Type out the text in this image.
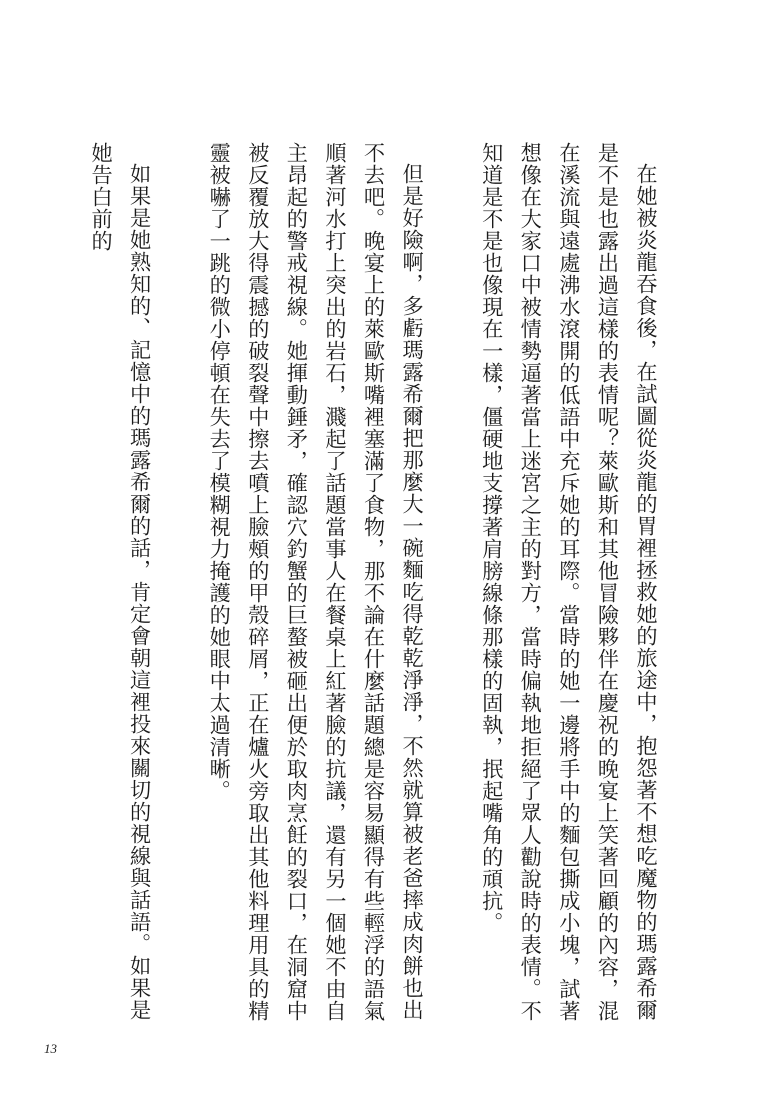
在她被炎龍吞食後，在試圖從炎龍的胃裡拯救她的旅途中，抱怨著不想吃魔物的瑪露希爾是不是也露出過這樣的表情呢？萊歐斯和其他冒險夥伴在慶祝的晚宴上笑著回顧的內容，混在溪流與遠處沸水滾開的低語中充斥她的耳際。當時的她一邊將手中的麵包撕成小塊，試著想像在大家口中被情勢逼著當上迷宮之主的對方，當時偏執地拒絕了眾人勸說時的表情。不知道是不是也像現在一樣，僵硬地支撐著肩膀線條那樣的固執，抿起嘴角的頑抗。

但是好險啊，多虧瑪露希爾把那麼大一碗麵吃得乾乾淨淨，不然就算被老爸摔成肉餅也出不去吧。晚宴上的萊歐斯嘴裡塞滿了食物，那不論在什麼話題總是容易顯得有些輕浮的語氣順著河水打上突出的岩石，濺起了話題當事人在餐桌上紅著臉的抗議，還有另一個她不由自主昂起的警戒視線。她揮動錘矛，確認穴釣蟹的巨螯被砸出便於取肉烹飪的裂口，在洞窟中被反覆放大得震撼的破裂聲中擦去噴上臉頰的甲殼碎屑，正在爐火旁取出其他料理用具的精靈被嚇了一跳的微小停頓在失去了模糊視力掩護的她眼中太過清晰。

如果是她熟知的、記憶中的瑪露希爾的話，肯定會朝這裡投來關切的視線與話語。如果是她告白前的

13
